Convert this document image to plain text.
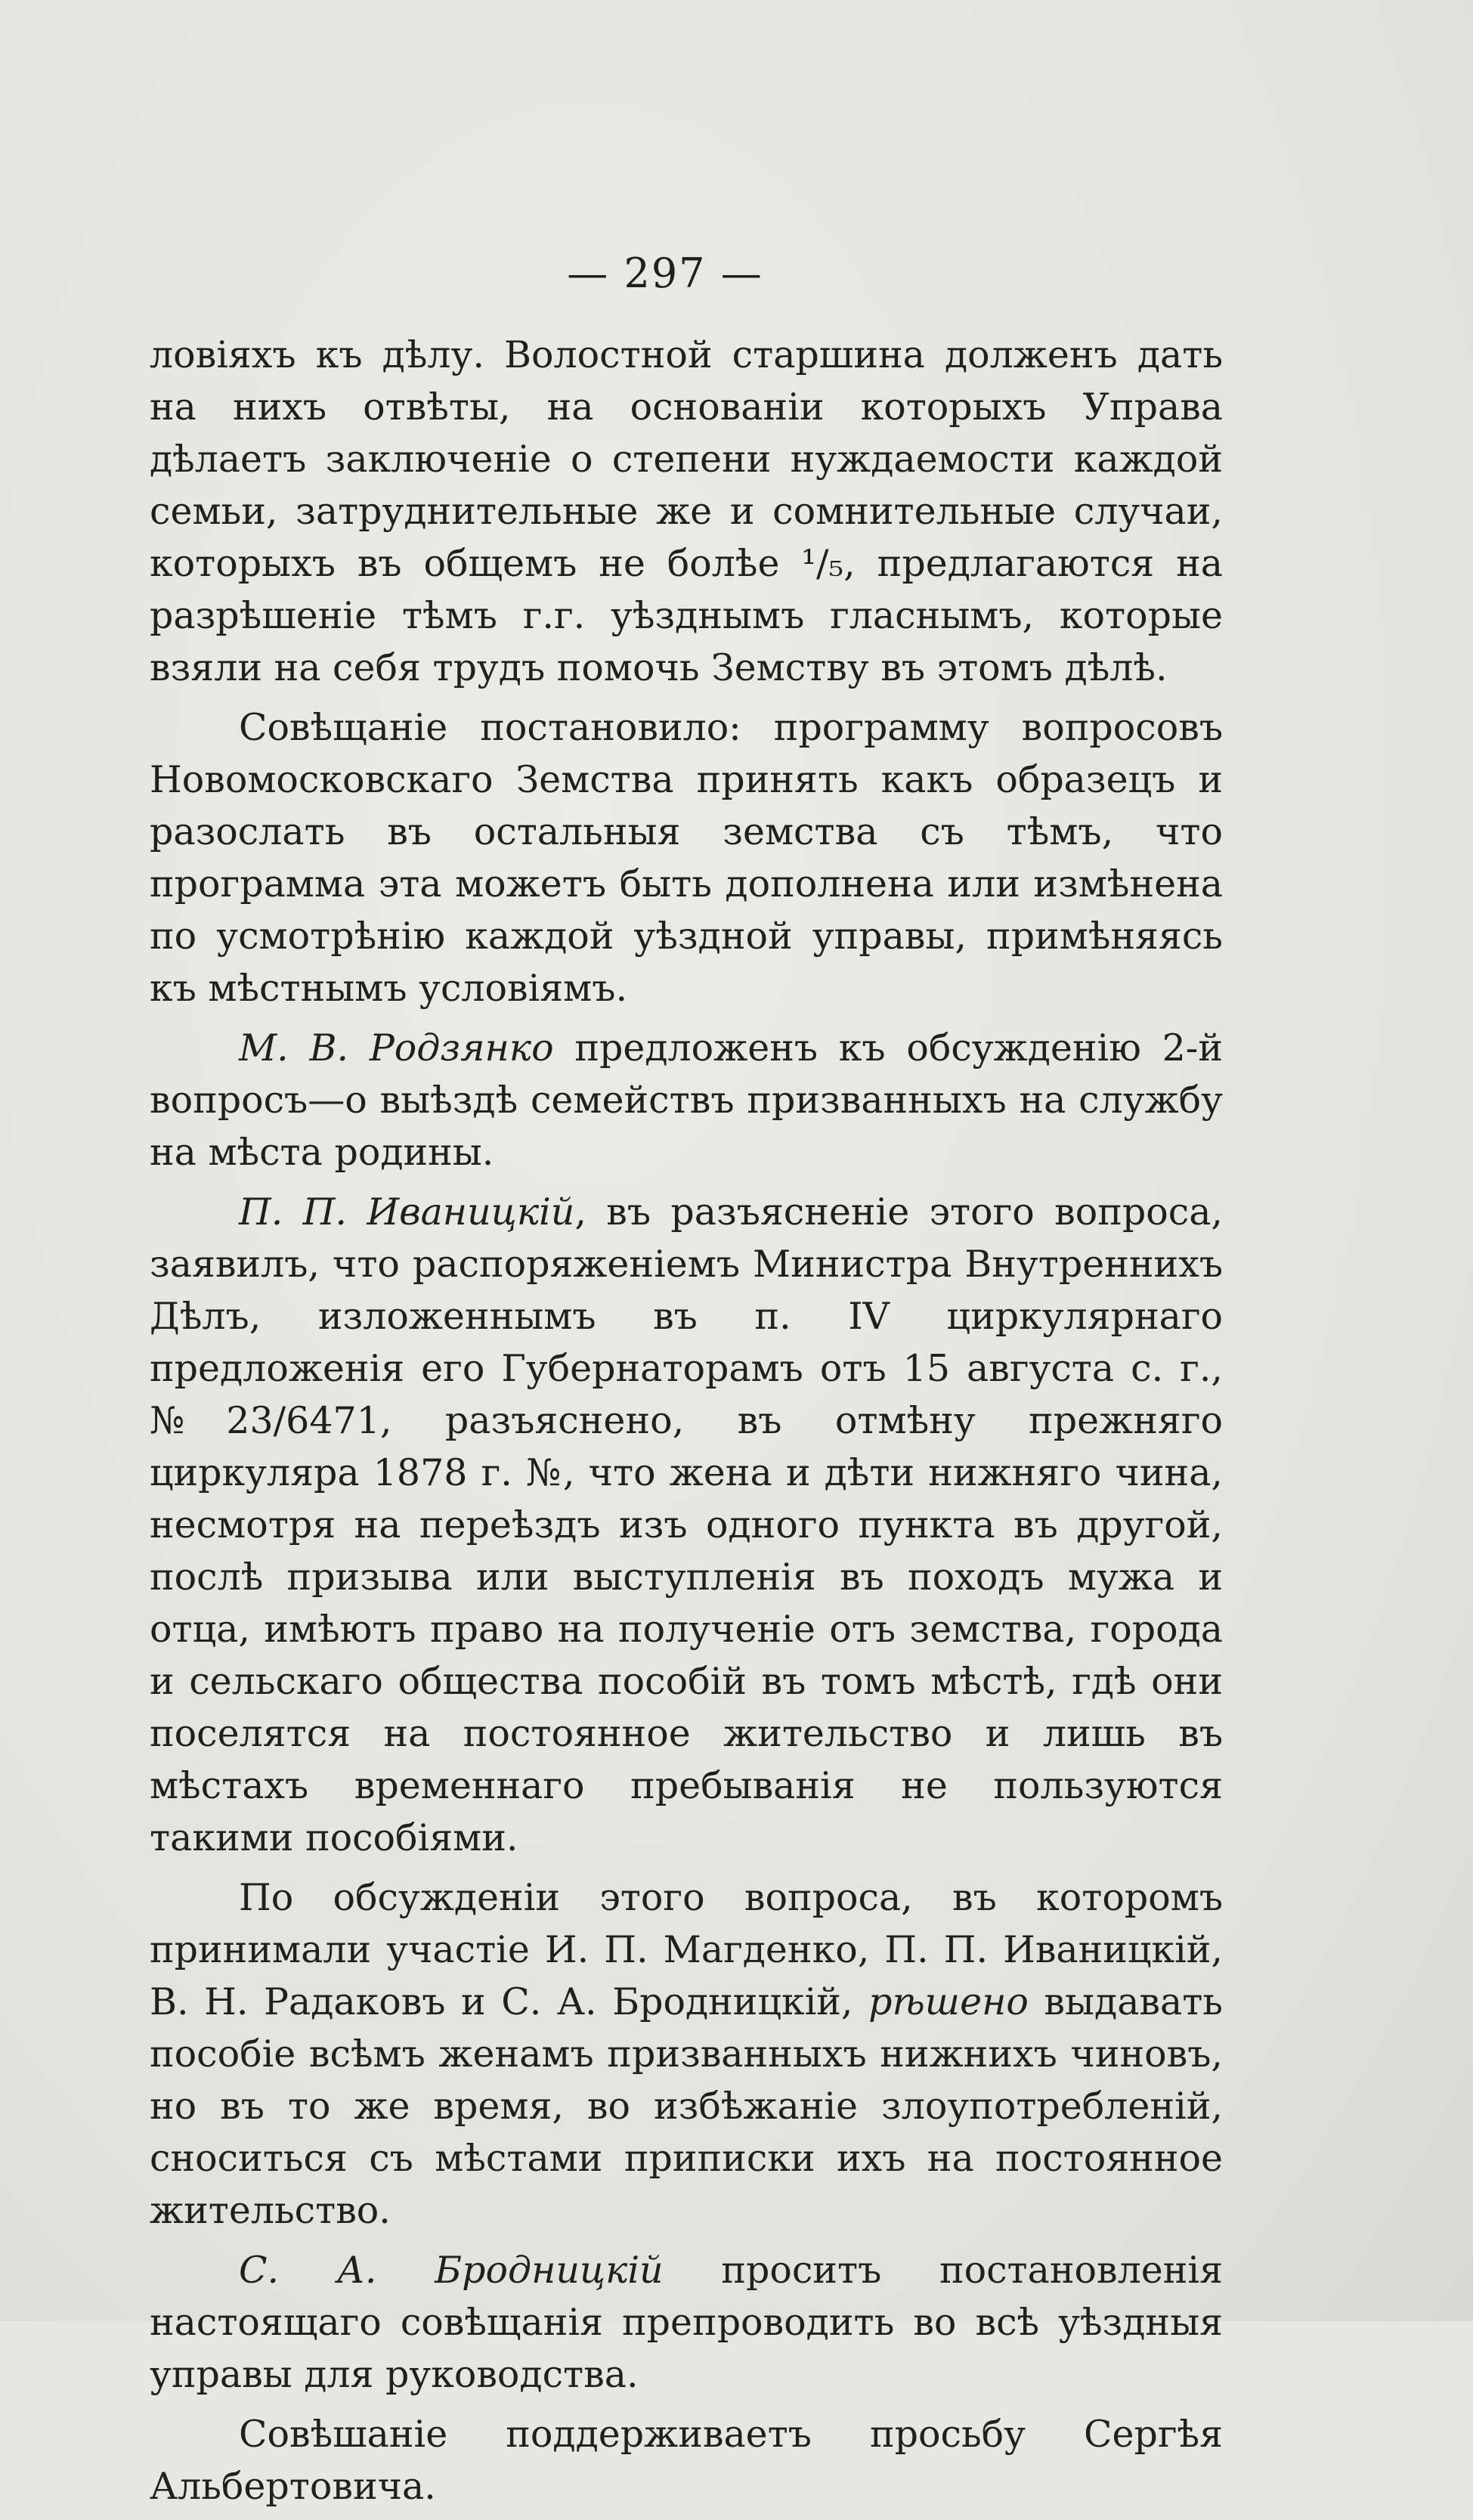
— 297 —

ловіяхъ къ дѣлу. Волостной старшина долженъ дать на нихъ отвѣты, на основаніи которыхъ Управа дѣлаетъ заключеніе о степени нуждаемости каждой семьи, затруднительные же и сомнительные случаи, которыхъ въ общемъ не болѣе ¹/₅, предлагаются на разрѣшеніе тѣмъ г.г. уѣзднымъ гласнымъ, которые взяли на себя трудъ помочь Земству въ этомъ дѣлѣ.

Совѣщаніе постановило: программу вопросовъ Новомосковскаго Земства принять какъ образецъ и разослать въ остальныя земства съ тѣмъ, что программа эта можетъ быть дополнена или измѣнена по усмотрѣнію каждой уѣздной управы, примѣняясь къ мѣстнымъ условіямъ.

М. В. Родзянко предложенъ къ обсужденію 2-й вопросъ—о выѣздѣ семействъ призванныхъ на службу на мѣста родины.

П. П. Иваницкій, въ разъясненіе этого вопроса, заявилъ, что распоряженіемъ Министра Внутреннихъ Дѣлъ, изложеннымъ въ п. IV циркулярнаго предложенія его Губернаторамъ отъ 15 августа с. г., №23/6471, разъяснено, въ отмѣну прежняго циркуляра 1878 г. №, что жена и дѣти нижняго чина, несмотря на переѣздъ изъ одного пункта въ другой, послѣ призыва или выступленія въ походъ мужа и отца, имѣютъ право на полученіе отъ земства, города и сельскаго общества пособій въ томъ мѣстѣ, гдѣ они поселятся на постоянное жительство и лишь въ мѣстахъ временнаго пребыванія не пользуются такими пособіями.

По обсужденіи этого вопроса, въ которомъ принимали участіе И. П. Магденко, П. П. Иваницкій, В. Н. Радаковъ и С. А. Бродницкій, рѣшено выдавать пособіе всѣмъ женамъ призванныхъ нижнихъ чиновъ, но въ то же время, во избѣжаніе злоупотребленій, сноситься съ мѣстами приписки ихъ на постоянное жительство.

С. А. Бродницкій проситъ постановленія настоящаго совѣщанія препроводить во всѣ уѣздныя управы для руководства.

Совѣшаніе поддерживаетъ просьбу Сергѣя Альбертовича.
